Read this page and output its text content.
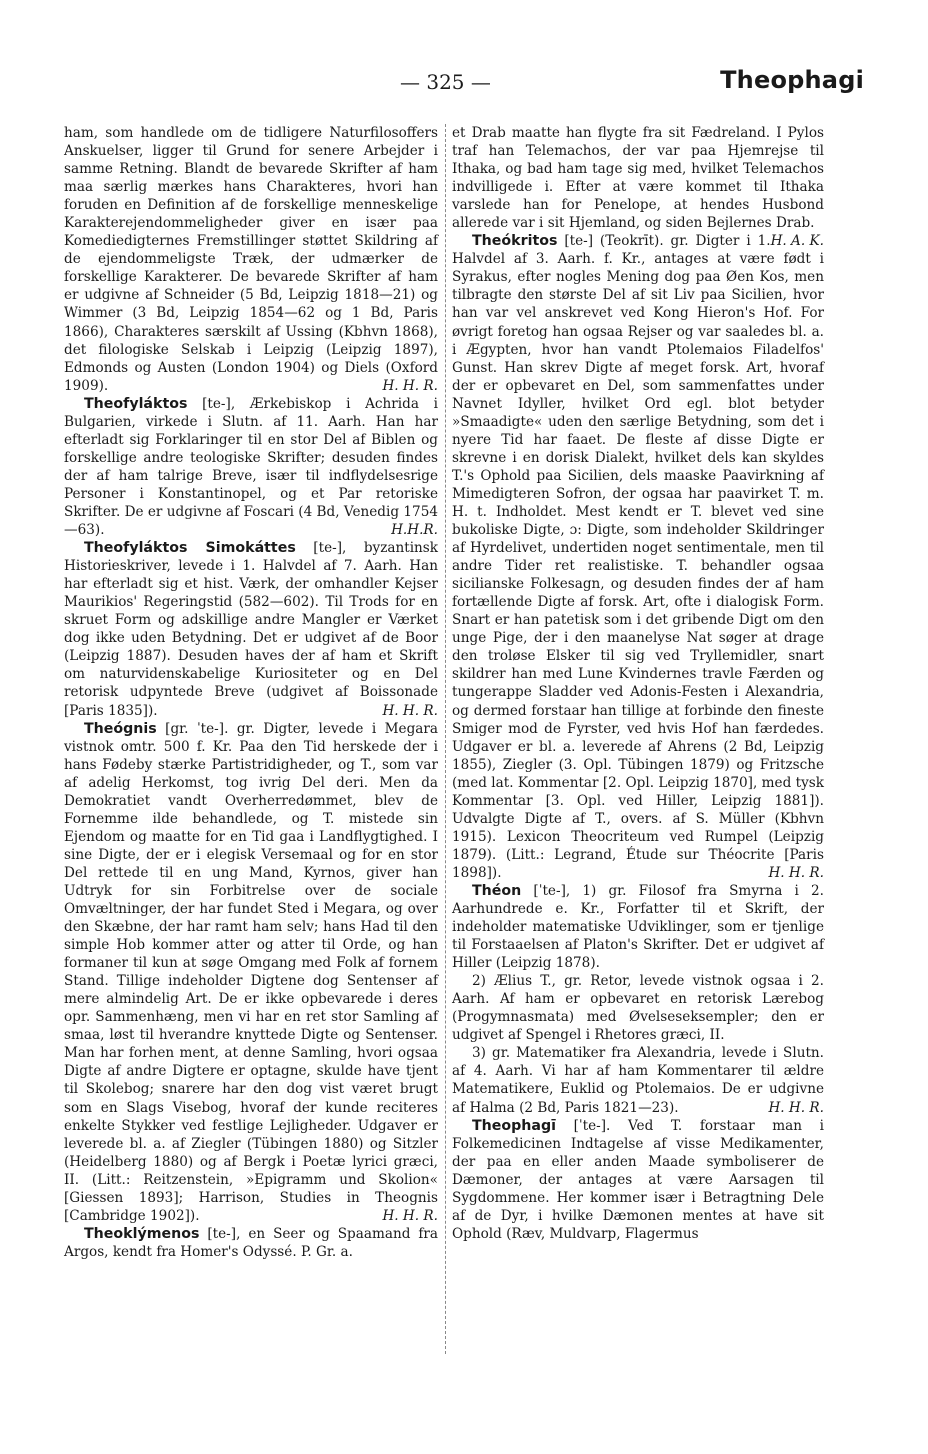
— 325 —	Theophagi

ham, som handlede om de tidligere Naturfilosoffers Anskuelser, ligger til Grund for senere Arbejder i samme Retning. Blandt de bevarede Skrifter af ham maa særlig mærkes hans Charakteres, hvori han foruden en Definition af de forskellige menneskelige Karakterejendommeligheder giver en især paa Komediedigternes Fremstillinger støttet Skildring af de ejendommeligste Træk, der udmærker de forskellige Karakterer. De bevarede Skrifter af ham er udgivne af Schneider (5 Bd, Leipzig 1818—21) og Wimmer (3 Bd, Leipzig 1854—62 og 1 Bd, Paris 1866), Charakteres særskilt af Ussing (Kbhvn 1868), det filologiske Selskab i Leipzig (Leipzig 1897), Edmonds og Austen (London 1904) og Diels (Oxford 1909).	H. H. R.

Theofyláktos [te-], Ærkebiskop i Achrida i Bulgarien, virkede i Slutn. af 11. Aarh. Han har efterladt sig Forklaringer til en stor Del af Biblen og forskellige andre teologiske Skrifter; desuden findes der af ham talrige Breve, især til indflydelsesrige Personer i Konstantinopel, og et Par retoriske Skrifter. De er udgivne af Foscari (4 Bd, Venedig 1754—63).	H.H.R.

Theofyláktos Simokáttes [te-], byzantinsk Historieskriver, levede i 1. Halvdel af 7. Aarh. Han har efterladt sig et hist. Værk, der omhandler Kejser Maurikios' Regeringstid (582—602). Til Trods for en skruet Form og adskillige andre Mangler er Værket dog ikke uden Betydning. Det er udgivet af de Boor (Leipzig 1887). Desuden haves der af ham et Skrift om naturvidenskabelige Kuriositeter og en Del retorisk udpyntede Breve (udgivet af Boissonade [Paris 1835]).	H. H. R.

Theógnis [gr. ˈte-]. gr. Digter, levede i Megara vistnok omtr. 500 f. Kr. Paa den Tid herskede der i hans Fødeby stærke Partistridigheder, og T., som var af adelig Herkomst, tog ivrig Del deri. Men da Demokratiet vandt Overherredømmet, blev de Fornemme ilde behandlede, og T. mistede sin Ejendom og maatte for en Tid gaa i Landflygtighed. I sine Digte, der er i elegisk Versemaal og for en stor Del rettede til en ung Mand, Kyrnos, giver han Udtryk for sin Forbitrelse over de sociale Omvæltninger, der har fundet Sted i Megara, og over den Skæbne, der har ramt ham selv; hans Had til den simple Hob kommer atter og atter til Orde, og han formaner til kun at søge Omgang med Folk af fornem Stand. Tillige indeholder Digtene dog Sentenser af mere almindelig Art. De er ikke opbevarede i deres opr. Sammenhæng, men vi har en ret stor Samling af smaa, løst til hverandre knyttede Digte og Sentenser. Man har forhen ment, at denne Samling, hvori ogsaa Digte af andre Digtere er optagne, skulde have tjent til Skolebog; snarere har den dog vist været brugt som en Slags Visebog, hvoraf der kunde reciteres enkelte Stykker ved festlige Lejligheder. Udgaver er leverede bl. a. af Ziegler (Tübingen 1880) og Sitzler (Heidelberg 1880) og af Bergk i Poetæ lyrici græci, II. (Litt.: Reitzenstein, »Epigramm und Skolion« [Giessen 1893]; Harrison, Studies in Theognis [Cambridge 1902]).	H. H. R.

Theoklýmenos [te-], en Seer og Spaamand fra Argos, kendt fra Homer's Odyssé. P. Gr. a.

et Drab maatte han flygte fra sit Fædreland. I Pylos traf han Telemachos, der var paa Hjemrejse til Ithaka, og bad ham tage sig med, hvilket Telemachos indvilligede i. Efter at være kommet til Ithaka varslede han for Penelope, at hendes Husbond allerede var i sit Hjemland, og siden Bejlernes Drab.
H. A. K.

Theókritos [te-] (Teokrīt). gr. Digter i 1. Halvdel af 3. Aarh. f. Kr., antages at være født i Syrakus, efter nogles Mening dog paa Øen Kos, men tilbragte den største Del af sit Liv paa Sicilien, hvor han var vel anskrevet ved Kong Hieron's Hof. For øvrigt foretog han ogsaa Rejser og var saaledes bl. a. i Ægypten, hvor han vandt Ptolemaios Filadelfos' Gunst. Han skrev Digte af meget forsk. Art, hvoraf der er opbevaret en Del, som sammenfattes under Navnet Idyller, hvilket Ord egl. blot betyder »Smaadigte« uden den særlige Betydning, som det i nyere Tid har faaet. De fleste af disse Digte er skrevne i en dorisk Dialekt, hvilket dels kan skyldes T.'s Ophold paa Sicilien, dels maaske Paavirkning af Mimedigteren Sofron, der ogsaa har paavirket T. m. H. t. Indholdet. Mest kendt er T. blevet ved sine bukoliske Digte, ɔ: Digte, som indeholder Skildringer af Hyrdelivet, undertiden noget sentimentale, men til andre Tider ret realistiske. T. behandler ogsaa sicilianske Folkesagn, og desuden findes der af ham fortællende Digte af forsk. Art, ofte i dialogisk Form. Snart er han patetisk som i det gribende Digt om den unge Pige, der i den maanelyse Nat søger at drage den troløse Elsker til sig ved Tryllemidler, snart skildrer han med Lune Kvindernes travle Færden og tungerappe Sladder ved Adonis-Festen i Alexandria, og dermed forstaar han tillige at forbinde den fineste Smiger mod de Fyrster, ved hvis Hof han færdedes. Udgaver er bl. a. leverede af Ahrens (2 Bd, Leipzig 1855), Ziegler (3. Opl. Tübingen 1879) og Fritzsche (med lat. Kommentar [2. Opl. Leipzig 1870], med tysk Kommentar [3. Opl. ved Hiller, Leipzig 1881]). Udvalgte Digte af T., overs. af S. Müller (Kbhvn 1915). Lexicon Theocriteum ved Rumpel (Leipzig 1879). (Litt.: Legrand, Étude sur Théocrite [Paris 1898]).	H. H. R.

Théon [ˈte-], 1) gr. Filosof fra Smyrna i 2. Aarhundrede e. Kr., Forfatter til et Skrift, der indeholder matematiske Udviklinger, som er tjenlige til Forstaaelsen af Platon's Skrifter. Det er udgivet af Hiller (Leipzig 1878).

2) Ælius T., gr. Retor, levede vistnok ogsaa i 2. Aarh. Af ham er opbevaret en retorisk Lærebog (Progymnasmata) med Øvelseseksempler; den er udgivet af Spengel i Rhetores græci, II.

3) gr. Matematiker fra Alexandria, levede i Slutn. af 4. Aarh. Vi har af ham Kommentarer til ældre Matematikere, Euklid og Ptolemaios. De er udgivne af Halma (2 Bd, Paris 1821—23).	H. H. R.

Theophagī [ˈte-]. Ved T. forstaar man i Folkemedicinen Indtagelse af visse Medikamenter, der paa en eller anden Maade symboliserer de Dæmoner, der antages at være Aarsagen til Sygdommene. Her kommer især i Betragtning Dele af de Dyr, i hvilke Dæmonen mentes at have sit Ophold (Ræv, Muldvarp, Flagermus
